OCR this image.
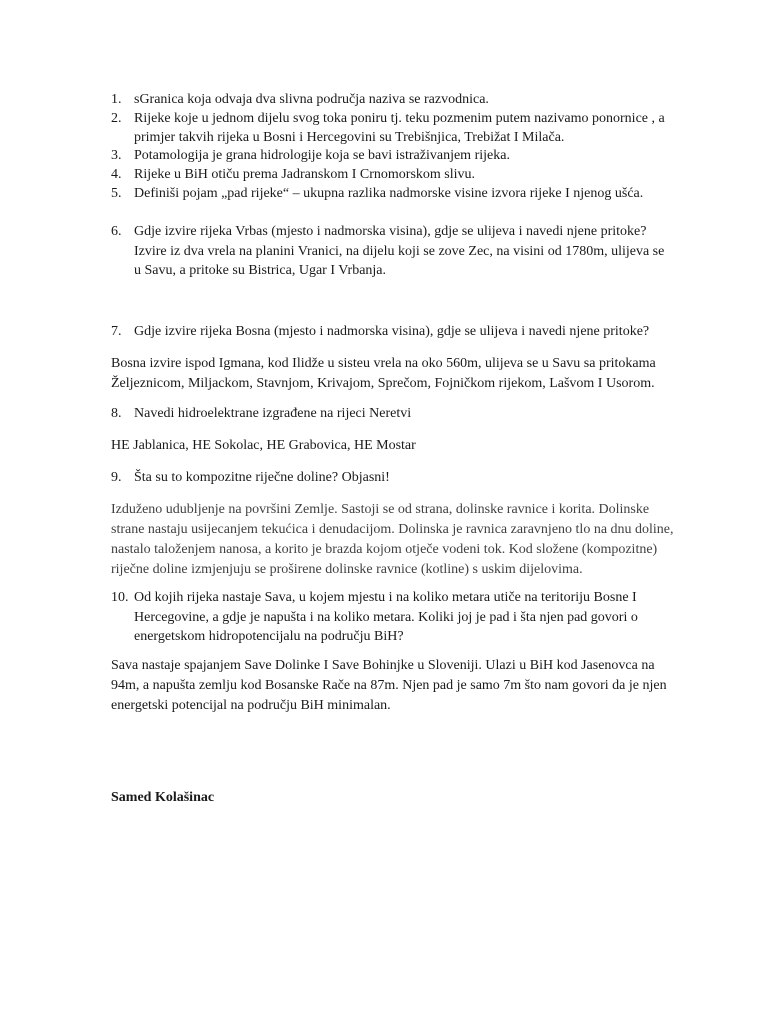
1. sGranica koja odvaja dva slivna područja naziva se razvodnica.
2. Rijeke koje u jednom dijelu svog toka poniru tj. teku pozmenim putem nazivamo ponornice , a primjer takvih rijeka u Bosni i Hercegovini su Trebišnjica, Trebižat I Milača.
3. Potamologija je grana hidrologije koja se bavi istraživanjem rijeka.
4. Rijeke u BiH otiču prema Jadranskom I Crnomorskom slivu.
5. Definiši pojam „pad rijeke“ – ukupna razlika nadmorske visine izvora rijeke I njenog ušća.
6. Gdje izvire rijeka Vrbas (mjesto i nadmorska visina), gdje se ulijeva i navedi njene pritoke?
Izvire iz dva vrela na planini Vranici, na dijelu koji se zove Zec, na visini od 1780m, ulijeva se u Savu, a pritoke su Bistrica, Ugar I Vrbanja.
7. Gdje izvire rijeka Bosna (mjesto i nadmorska visina), gdje se ulijeva i navedi njene pritoke?
Bosna izvire ispod Igmana, kod Ilidže u sisteu vrela na oko 560m, ulijeva se u Savu sa pritokama Željeznicom, Miljackom, Stavnjom, Krivajom, Sprečom, Fojničkom rijekom, Lašvom I Usorom.
8. Navedi hidroelektrane izgrađene na rijeci Neretvi
HE Jablanica, HE Sokolac, HE Grabovica, HE Mostar
9. Šta su to kompozitne riječne doline? Objasni!
Izduženo udubljenje na površini Zemlje. Sastoji se od strana, dolinske ravnice i korita. Dolinske strane nastaju usijecanjem tekućica i denudacijom. Dolinska je ravnica zaravnjeno tlo na dnu doline, nastalo taloženjem nanosa, a korito je brazda kojom otječe vodeni tok. Kod složene (kompozitne) riječne doline izmjenjuju se proširene dolinske ravnice (kotline) s uskim dijelovima.
10. Od kojih rijeka nastaje Sava, u kojem mjestu i na koliko metara utiče na teritoriju Bosne I Hercegovine, a gdje je napušta i na koliko metara. Koliki joj je pad i šta njen pad govori o energetskom hidropotencijalu na području BiH?
Sava nastaje spajanjem Save Dolinke I Save Bohinjke u Sloveniji. Ulazi u BiH kod Jasenovca na 94m, a napušta zemlju kod Bosanske Rače na 87m. Njen pad je samo 7m što nam govori da je njen energetski potencijal na području BiH minimalan.
Samed Kolašinac
